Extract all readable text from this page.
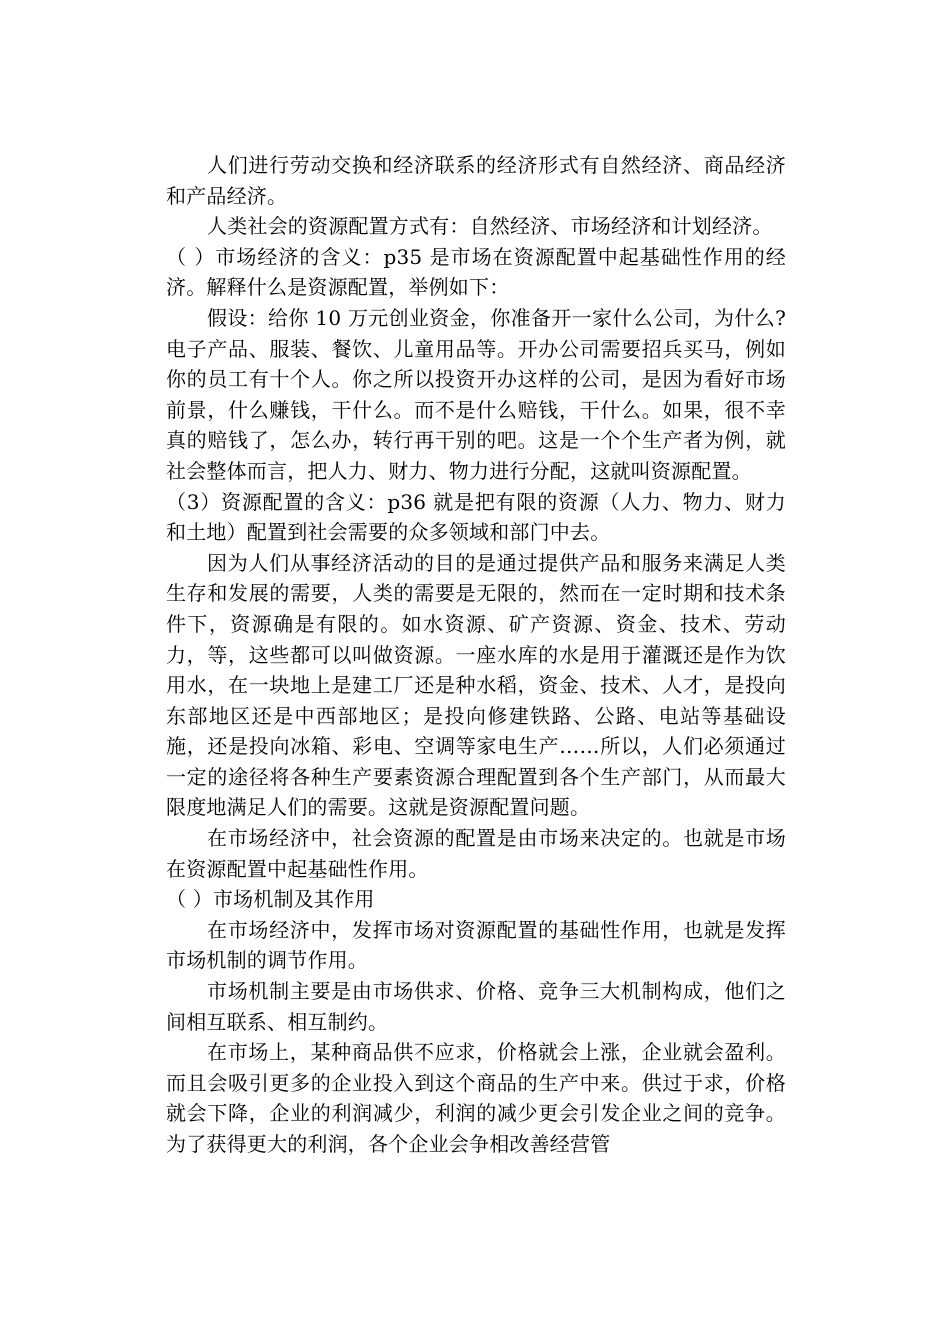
人们进行劳动交换和经济联系的经济形式有自然经济、商品经济和产品经济。

人类社会的资源配置方式有：自然经济、市场经济和计划经济。

（ ）市场经济的含义：p35 是市场在资源配置中起基础性作用的经济。解释什么是资源配置，举例如下：

假设：给你 10 万元创业资金，你准备开一家什么公司，为什么?电子产品、服装、餐饮、儿童用品等。开办公司需要招兵买马，例如你的员工有十个人。你之所以投资开办这样的公司，是因为看好市场前景，什么赚钱，干什么。而不是什么赔钱，干什么。如果，很不幸真的赔钱了，怎么办，转行再干别的吧。这是一个个生产者为例，就社会整体而言，把人力、财力、物力进行分配，这就叫资源配置。

（3）资源配置的含义：p36 就是把有限的资源（人力、物力、财力和土地）配置到社会需要的众多领域和部门中去。

因为人们从事经济活动的目的是通过提供产品和服务来满足人类生存和发展的需要，人类的需要是无限的，然而在一定时期和技术条件下，资源确是有限的。如水资源、矿产资源、资金、技术、劳动力，等，这些都可以叫做资源。一座水库的水是用于灌溉还是作为饮用水，在一块地上是建工厂还是种水稻，资金、技术、人才，是投向东部地区还是中西部地区；是投向修建铁路、公路、电站等基础设施，还是投向冰箱、彩电、空调等家电生产……所以，人们必须通过一定的途径将各种生产要素资源合理配置到各个生产部门，从而最大限度地满足人们的需要。这就是资源配置问题。

在市场经济中，社会资源的配置是由市场来决定的。也就是市场在资源配置中起基础性作用。

（ ）市场机制及其作用

在市场经济中，发挥市场对资源配置的基础性作用，也就是发挥市场机制的调节作用。

市场机制主要是由市场供求、价格、竞争三大机制构成，他们之间相互联系、相互制约。

在市场上，某种商品供不应求，价格就会上涨，企业就会盈利。而且会吸引更多的企业投入到这个商品的生产中来。供过于求，价格就会下降，企业的利润减少，利润的减少更会引发企业之间的竞争。为了获得更大的利润，各个企业会争相改善经营管
